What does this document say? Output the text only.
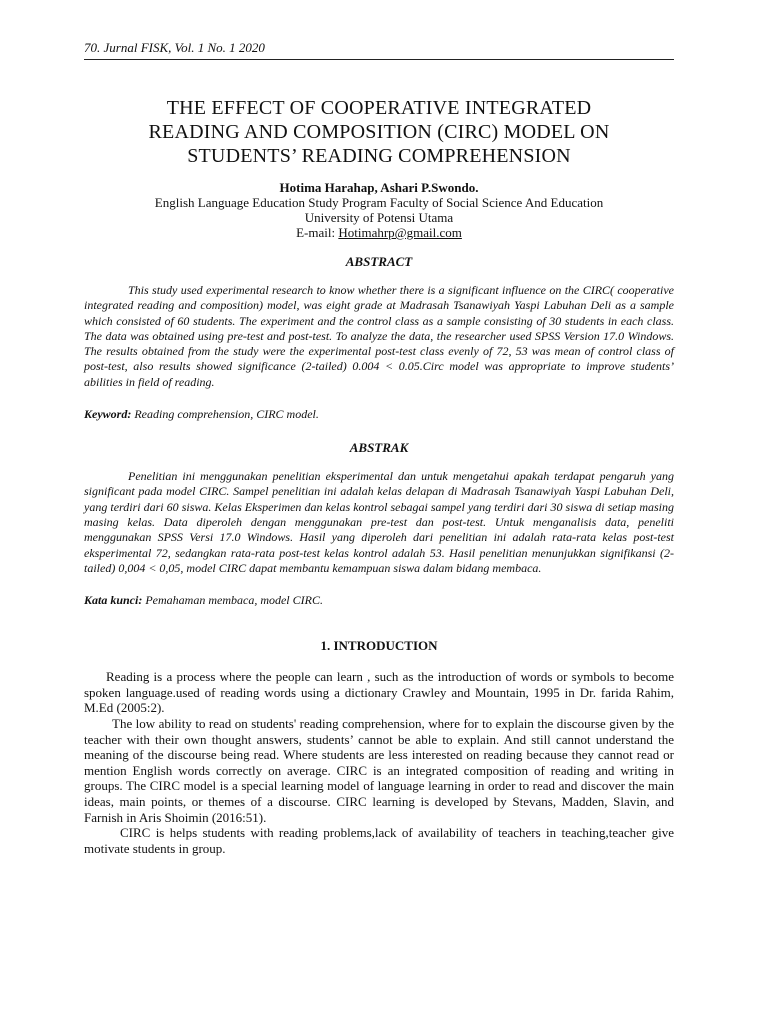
70. Jurnal FISK, Vol. 1 No. 1 2020
THE EFFECT OF COOPERATIVE INTEGRATED
READING AND COMPOSITION (CIRC) MODEL ON
STUDENTS’ READING COMPREHENSION
Hotima Harahap, Ashari P.Swondo.
English Language Education Study Program Faculty of Social Science And Education
University of Potensi Utama
E-mail: Hotimahrp@gmail.com
ABSTRACT

This study used experimental research to know whether there is a significant influence on the CIRC( cooperative integrated reading and composition) model, was eight grade at Madrasah Tsanawiyah Yaspi Labuhan Deli as a sample which consisted of 60 students. The experiment and the control class as a sample consisting of 30 students in each class. The data was obtained using pre-test and post-test. To analyze the data, the researcher used SPSS Version 17.0 Windows. The results obtained from the study were the experimental post-test class evenly of 72, 53 was mean of control class of post-test, also results showed significance (2-tailed) 0.004 < 0.05.Circ model was appropriate to improve students’ abilities in field of reading.

Keyword: Reading comprehension, CIRC model.
ABSTRAK

Penelitian ini menggunakan penelitian eksperimental dan untuk mengetahui apakah terdapat pengaruh yang significant pada model CIRC. Sampel penelitian ini adalah kelas delapan di Madrasah Tsanawiyah Yaspi Labuhan Deli, yang terdiri dari 60 siswa. Kelas Eksperimen dan kelas kontrol sebagai sampel yang terdiri dari 30 siswa di setiap masing masing kelas. Data diperoleh dengan menggunakan pre-test dan post-test. Untuk menganalisis data, peneliti menggunakan SPSS Versi 17.0 Windows. Hasil yang diperoleh dari penelitian ini adalah rata-rata kelas post-test eksperimental 72, sedangkan rata-rata post-test kelas kontrol adalah 53. Hasil penelitian menunjukkan signifikansi (2-tailed) 0,004 < 0,05, model CIRC dapat membantu kemampuan siswa dalam bidang membaca.

Kata kunci: Pemahaman membaca, model CIRC.
1. INTRODUCTION

Reading is a process where the people can learn , such as the introduction of words or symbols to become spoken language.used of reading words using a dictionary Crawley and Mountain, 1995 in Dr. farida Rahim, M.Ed (2005:2).

The low ability to read on students' reading comprehension, where for to explain the discourse given by the teacher with their own thought answers, students’ cannot be able to explain. And still cannot understand the meaning of the discourse being read. Where students are less interested on reading because they cannot read or mention English words correctly on average. CIRC is an integrated composition of reading and writing in groups. The CIRC model is a special learning model of language learning in order to read and discover the main ideas, main points, or themes of a discourse. CIRC learning is developed by Stevans, Madden, Slavin, and Farnish in Aris Shoimin (2016:51).

CIRC is helps students with reading problems,lack of availability of teachers in teaching,teacher give motivate students in group.
